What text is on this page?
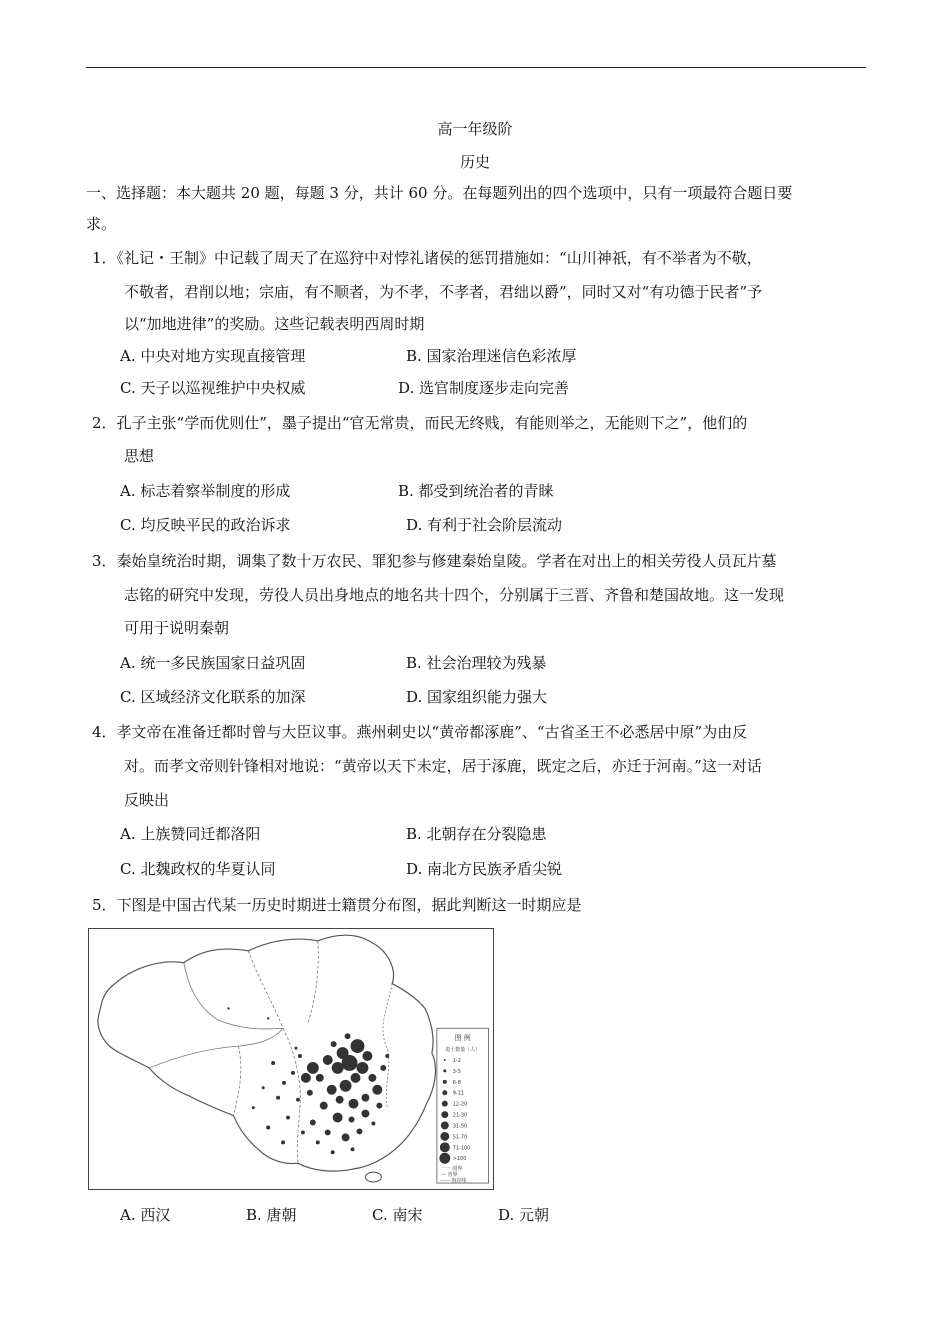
高一年级阶
历史
一、选择题：本大题共 20 题，每题 3 分，共计 60 分。在每题列出的四个选项中，只有一项最符合题日要
求。
1．《礼记・王制》中记载了周天了在巡狩中对悖礼诸侯的惩罚措施如：“山川神祇，有不举者为不敬，
不敬者，君削以地；宗庙，有不顺者，为不孝，不孝者，君绌以爵”，同时又对“有功德于民者”予
以“加地进律”的奖励。这些记载表明西周时期
A. 中央对地方实现直接管理	B. 国家治理迷信色彩浓厚
C. 天子以巡视维护中央权威	D. 选官制度逐步走向完善
2．孔子主张“学而优则仕”，墨子提出“官无常贵，而民无终贱，有能则举之，无能则下之”，他们的
思想
A. 标志着察举制度的形成	B. 都受到统治者的青睐
C. 均反映平民的政治诉求	D. 有利于社会阶层流动
3．秦始皇统治时期，调集了数十万农民、罪犯参与修建秦始皇陵。学者在对出上的相关劳役人员瓦片墓
志铭的研究中发现，劳役人员出身地点的地名共十四个，分别属于三晋、齐鲁和楚国故地。这一发现
可用于说明秦朝
A. 统一多民族国家日益巩固	B. 社会治理较为残暴
C. 区域经济文化联系的加深	D. 国家组织能力强大
4．孝文帝在准备迁都时曾与大臣议事。燕州刺史以“黄帝都涿鹿”、“古省圣王不必悉居中原”为由反
对。而孝文帝则针锋相对地说：“黄帝以天下未定，居于涿鹿，既定之后，亦迁于河南。”这一对话
反映出
A. 上族赞同迁都洛阳	B. 北朝存在分裂隐患
C. 北魏政权的华夏认同	D. 南北方民族矛盾尖锐
5．下图是中国古代某一历史时期进士籍贯分布图，据此判断这一时期应是
图 例
进士数量（人）
1-2
3-5
6-8
9-11
12-20
21-30
31-50
51-70
71-100
>100
一一 国界
-·- 省界
----- 海岸线
A. 西汉	B. 唐朝	C. 南宋	D. 元朝
